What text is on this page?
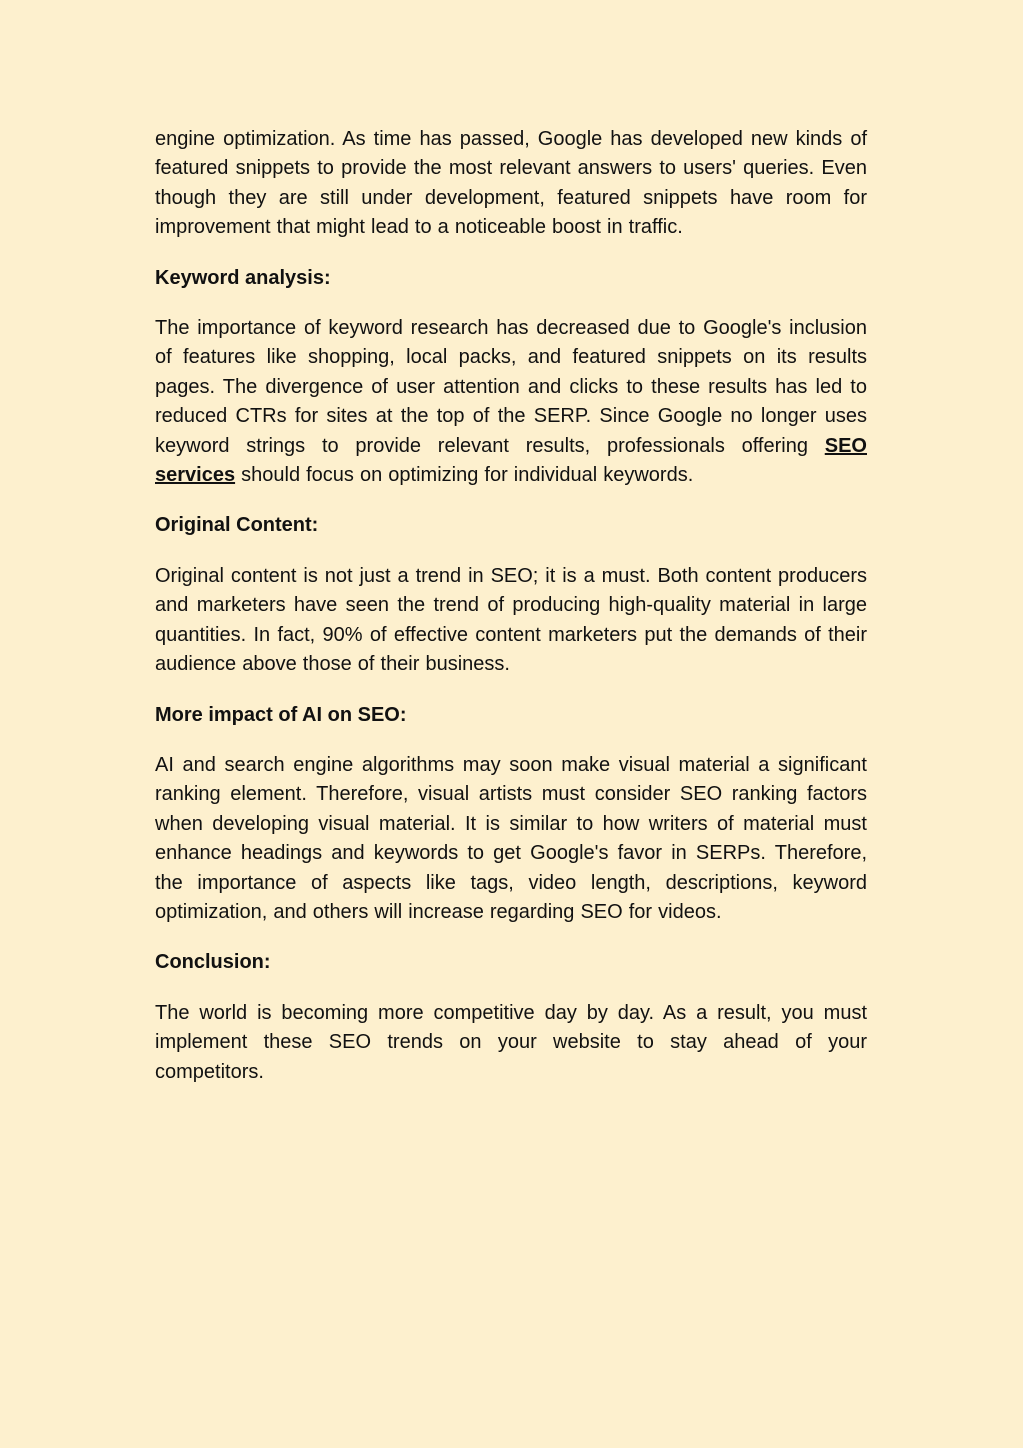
engine optimization. As time has passed, Google has developed new kinds of featured snippets to provide the most relevant answers to users' queries. Even though they are still under development, featured snippets have room for improvement that might lead to a noticeable boost in traffic.

Keyword analysis:

The importance of keyword research has decreased due to Google's inclusion of features like shopping, local packs, and featured snippets on its results pages. The divergence of user attention and clicks to these results has led to reduced CTRs for sites at the top of the SERP. Since Google no longer uses keyword strings to provide relevant results, professionals offering SEO services should focus on optimizing for individual keywords.

Original Content:

Original content is not just a trend in SEO; it is a must. Both content producers and marketers have seen the trend of producing high-quality material in large quantities. In fact, 90% of effective content marketers put the demands of their audience above those of their business.

More impact of AI on SEO:

AI and search engine algorithms may soon make visual material a significant ranking element. Therefore, visual artists must consider SEO ranking factors when developing visual material. It is similar to how writers of material must enhance headings and keywords to get Google's favor in SERPs. Therefore, the importance of aspects like tags, video length, descriptions, keyword optimization, and others will increase regarding SEO for videos.

Conclusion:

The world is becoming more competitive day by day. As a result, you must implement these SEO trends on your website to stay ahead of your competitors.
